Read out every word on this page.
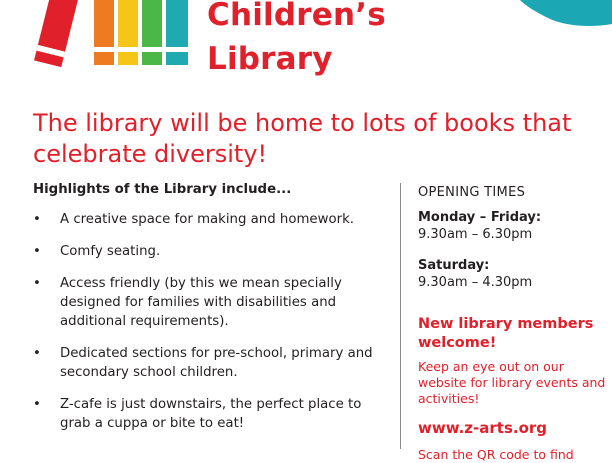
Children’s
Library
The library will be home to lots of books that celebrate diversity!
Highlights of the Library include...
• A creative space for making and homework.
• Comfy seating.
• Access friendly (by this we mean specially designed for families with disabilities and additional requirements).
• Dedicated sections for pre-school, primary and secondary school children.
• Z-cafe is just downstairs, the perfect place to grab a cuppa or bite to eat!

OPENING TIMES

Monday – Friday:

9.30am – 6.30pm

Saturday:

9.30am – 4.30pm

New library members welcome!

Keep an eye out on our website for library events and activities!

www.z-arts.org

Scan the QR code to find
